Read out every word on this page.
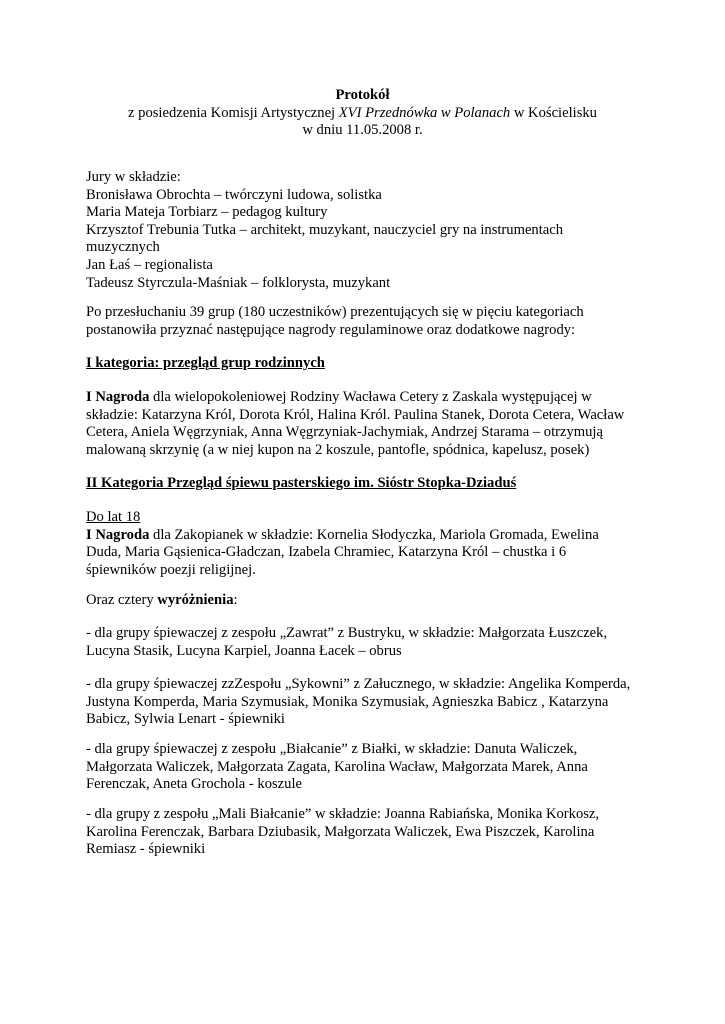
Protokół
z posiedzenia Komisji Artystycznej XVI Przednówka w Polanach w Kościelisku
w dniu 11.05.2008 r.
Jury w składzie:
Bronisława Obrochta – twórczyni ludowa, solistka
Maria Mateja Torbiarz – pedagog kultury
Krzysztof Trebunia Tutka – architekt, muzykant, nauczyciel gry na instrumentach
muzycznych
Jan Łaś – regionalista
Tadeusz Styrczula-Maśniak – folklorysta, muzykant
Po przesłuchaniu 39 grup (180 uczestników) prezentujących się w pięciu kategoriach
postanowiła przyznać następujące nagrody regulaminowe oraz dodatkowe nagrody:
I kategoria: przegląd grup rodzinnych
I Nagroda dla wielopokoleniowej Rodziny Wacława Cetery z Zaskala występującej w
składzie: Katarzyna Król, Dorota Król, Halina Król. Paulina Stanek, Dorota Cetera, Wacław
Cetera, Aniela Węgrzyniak, Anna Węgrzyniak-Jachymiak, Andrzej Starama – otrzymują
malowaną skrzynię (a w niej kupon na 2 koszule, pantofle, spódnica, kapelusz, posek)
II Kategoria Przegląd śpiewu pasterskiego im. Sióstr Stopka-Dziaduś
Do lat 18
I Nagroda dla Zakopianek w składzie: Kornelia Słodyczka, Mariola Gromada, Ewelina
Duda, Maria Gąsienica-Gładczan, Izabela Chramiec, Katarzyna Król – chustka i 6
śpiewników poezji religijnej.
Oraz cztery wyróżnienia:
- dla grupy śpiewaczej z zespołu „Zawrat” z Bustryku, w składzie: Małgorzata Łuszczek,
Lucyna Stasik, Lucyna Karpiel, Joanna Łacek – obrus
- dla grupy śpiewaczej zzZespołu „Sykowni” z Załucznego, w składzie: Angelika Komperda,
Justyna Komperda, Maria Szymusiak, Monika Szymusiak, Agnieszka Babicz , Katarzyna
Babicz, Sylwia Lenart - śpiewniki
- dla grupy śpiewaczej z zespołu „Białcanie” z Białki, w składzie: Danuta Waliczek,
Małgorzata Waliczek, Małgorzata Zagata, Karolina Wacław, Małgorzata Marek, Anna
Ferenczak, Aneta Grochola - koszule
- dla grupy z zespołu „Mali Białcanie” w składzie: Joanna Rabiańska, Monika Korkosz,
Karolina Ferenczak, Barbara Dziubasik, Małgorzata Waliczek, Ewa Piszczek, Karolina
Remiasz - śpiewniki
